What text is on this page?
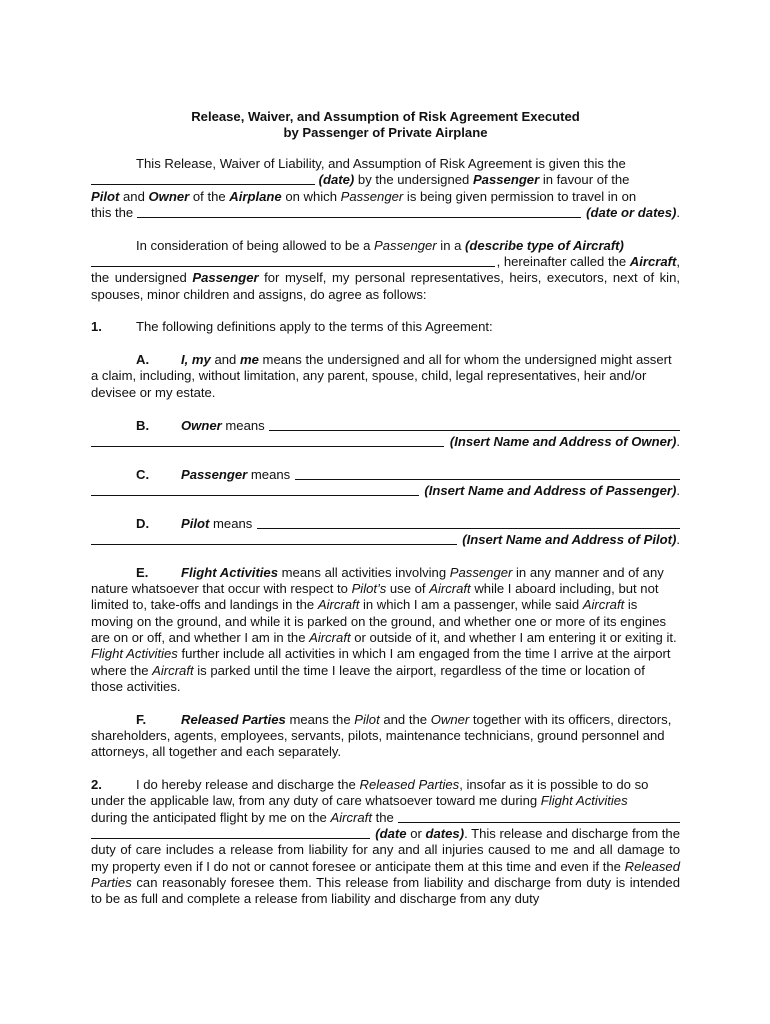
Release, Waiver, and Assumption of Risk Agreement Executed

by Passenger of Private Airplane

This Release, Waiver of Liability, and Assumption of Risk Agreement is given this the

(date) by the undersigned Passenger in favour of the

Pilot and Owner of the Airplane on which Passenger is being given permission to travel in on

this the	(date or dates).

In consideration of being allowed to be a Passenger in a (describe type of Aircraft)

, hereinafter called the Aircraft,

the undersigned Passenger for myself, my personal representatives, heirs, executors, next of kin, spouses, minor children and assigns, do agree as follows:

1.	The following definitions apply to the terms of this Agreement:

A. I, my and me means the undersigned and all for whom the undersigned might assert a claim, including, without limitation, any parent, spouse, child, legal representatives, heir and/or devisee or my estate.

B.	Owner means
(Insert Name and Address of Owner).
C.	Passenger means
(Insert Name and Address of Passenger).
D.	Pilot means
(Insert Name and Address of Pilot).

E. Flight Activities means all activities involving Passenger in any manner and of any nature whatsoever that occur with respect to Pilot’s use of Aircraft while I aboard including, but not limited to, take-offs and landings in the Aircraft in which I am a passenger, while said Aircraft is moving on the ground, and while it is parked on the ground, and whether one or more of its engines are on or off, and whether I am in the Aircraft or outside of it, and whether I am entering it or exiting it. Flight Activities further include all activities in which I am engaged from the time I arrive at the airport where the Aircraft is parked until the time I leave the airport, regardless of the time or location of those activities.

F.	Released Parties means the Pilot and the Owner together with its officers, directors, shareholders, agents, employees, servants, pilots, maintenance technicians, ground personnel and attorneys, all together and each separately.

2.	I do hereby release and discharge the Released Parties, insofar as it is possible to do so under the applicable law, from any duty of care whatsoever toward me during Flight Activities

during the anticipated flight by me on the Aircraft the
(date or dates). This release and discharge from the

duty of care includes a release from liability for any and all injuries caused to me and all damage to my property even if I do not or cannot foresee or anticipate them at this time and even if the Released Parties can reasonably foresee them. This release from liability and discharge from duty is intended to be as full and complete a release from liability and discharge from any duty
